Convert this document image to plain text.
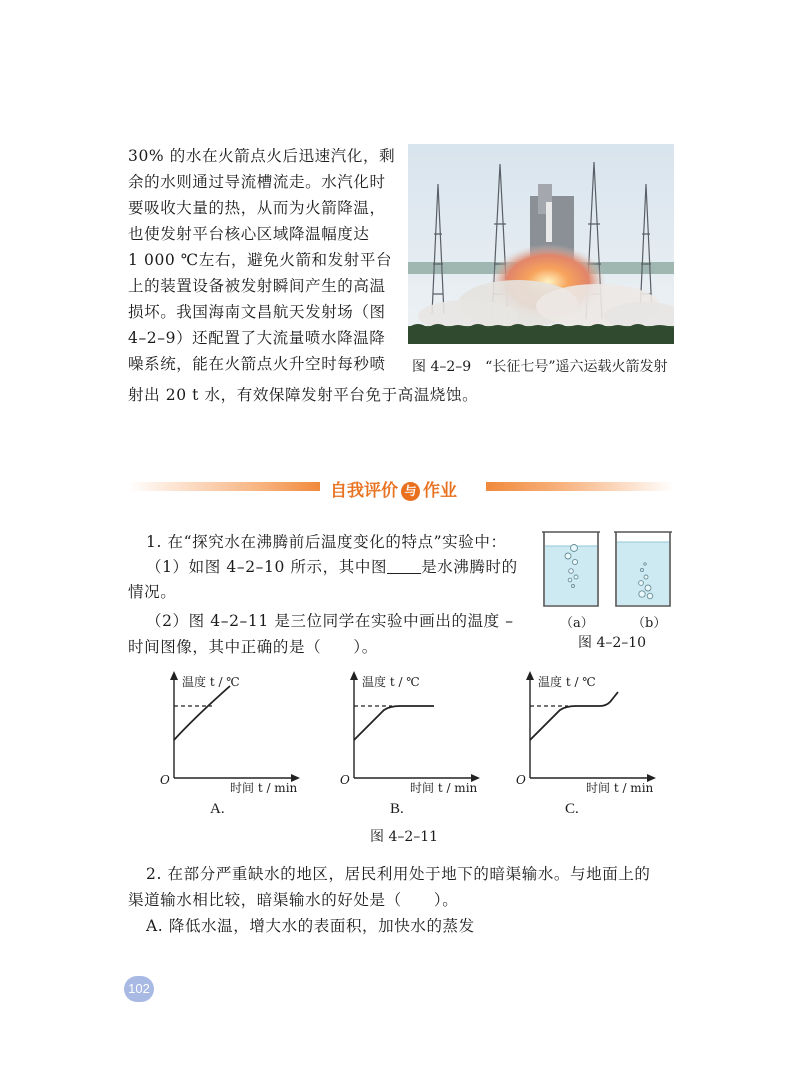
30% 的水在火箭点火后迅速汽化，剩
余的水则通过导流槽流走。水汽化时
要吸收大量的热，从而为火箭降温，
也使发射平台核心区域降温幅度达
1 000 ℃左右，避免火箭和发射平台
上的装置设备被发射瞬间产生的高温
损坏。我国海南文昌航天发射场（图
4–2–9）还配置了大流量喷水降温降
噪系统，能在火箭点火升空时每秒喷
射出 20 t 水，有效保障发射平台免于高温烧蚀。
图 4–2–9　“长征七号”遥六运载火箭发射
自我评价 与 作业
1. 在“探究水在沸腾前后温度变化的特点”实验中：
（1）如图 4–2–10 所示，其中图 是水沸腾时的
情况。
（2）图 4–2–11 是三位同学在实验中画出的温度 –
时间图像，其中正确的是（　　）。
（a）	（b）
图 4–2–10
温度 t / ℃
时间 t / min
O
温度 t / ℃
时间 t / min
O
温度 t / ℃
时间 t / min
O
A.	B.	C.
图 4–2–11
2. 在部分严重缺水的地区，居民利用处于地下的暗渠输水。与地面上的
渠道输水相比较，暗渠输水的好处是（　　）。
A. 降低水温，增大水的表面积，加快水的蒸发
102
